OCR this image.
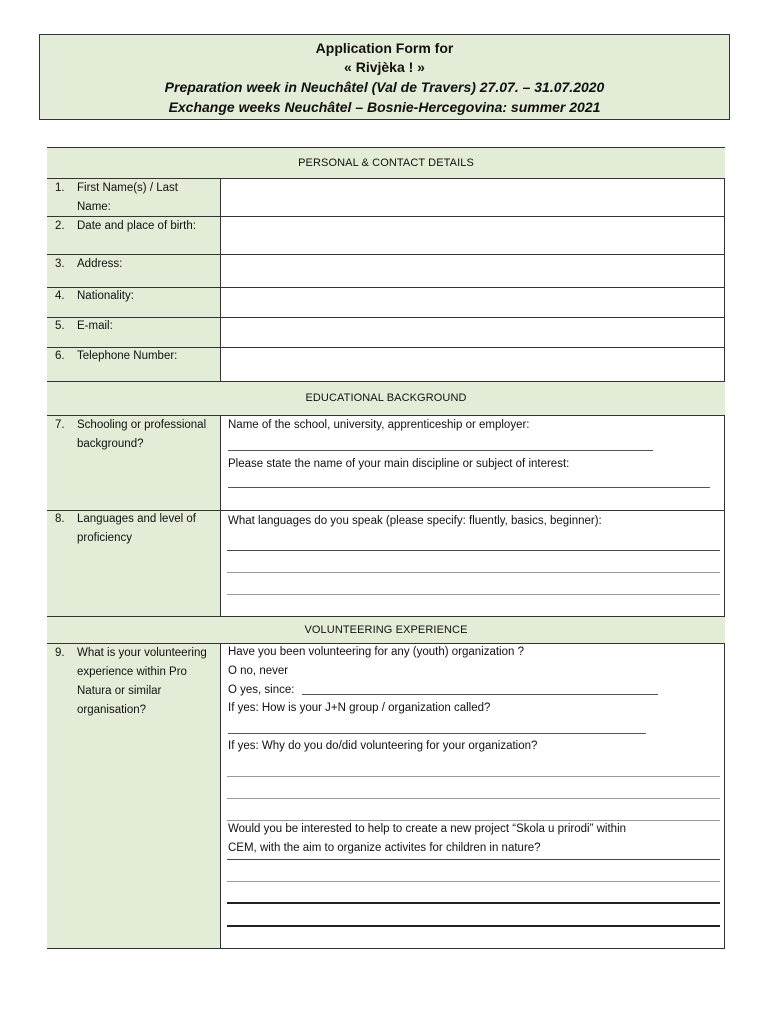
Application Form for
« Rivjèka ! »
Preparation week in Neuchâtel (Val de Travers) 27.07. – 31.07.2020
Exchange weeks Neuchâtel – Bosnie-Hercegovina: summer 2021
PERSONAL & CONTACT DETAILS
1. First Name(s) / Last Name:
2. Date and place of birth:
3. Address:
4. Nationality:
5. E-mail:
6. Telephone Number:
EDUCATIONAL BACKGROUND
7. Schooling or professional background?
8. Languages and level of proficiency
Name of the school, university, apprenticeship or employer:
Please state the name of your main discipline or subject of interest:
What languages do you speak (please specify: fluently, basics, beginner):
VOLUNTEERING EXPERIENCE
9. What is your volunteering experience within Pro Natura or similar organisation?
Have you been volunteering for any (youth) organization ?
O no, never
O yes, since:
If yes: How is your J+N group / organization called?
If yes: Why do you do/did volunteering for your organization?
Would you be interested to help to create a new project “Skola u prirodi” within
CEM, with the aim to organize activites for children in nature?
